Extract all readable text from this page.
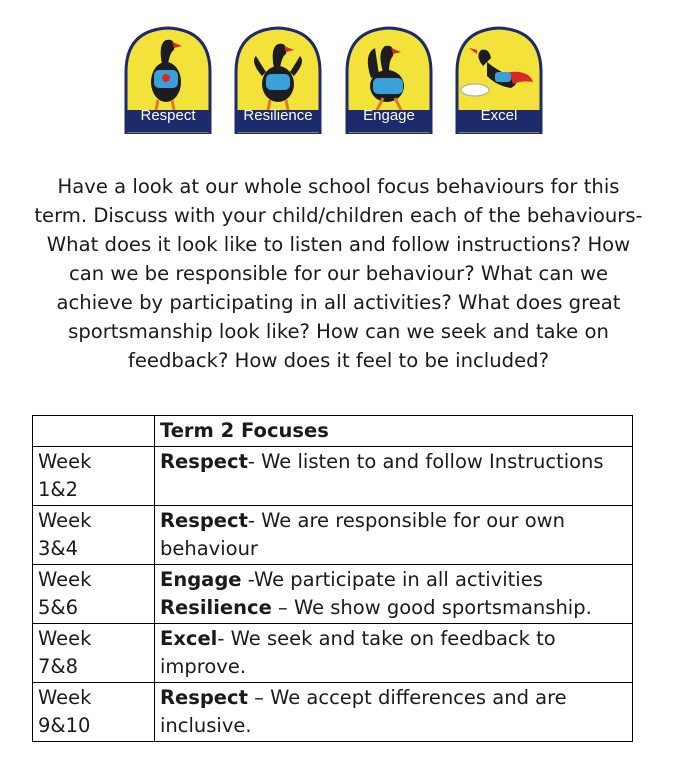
Respect	Resilience	Engage	Excel
Have a look at our whole school focus behaviours for this term. Discuss with your child/children each of the behaviours- What does it look like to listen and follow instructions? How can we be responsible for our behaviour? What can we achieve by participating in all activities? What does great sportsmanship look like? How can we seek and take on feedback? How does it feel to be included?
	Term 2 Focuses
Week
1&2	Respect- We listen to and follow Instructions
Week
3&4	Respect- We are responsible for our own behaviour
Week
5&6	Engage -We participate in all activities
Resilience – We show good sportsmanship.
Week
7&8	Excel- We seek and take on feedback to improve.
Week
9&10	Respect – We accept differences and are inclusive.
